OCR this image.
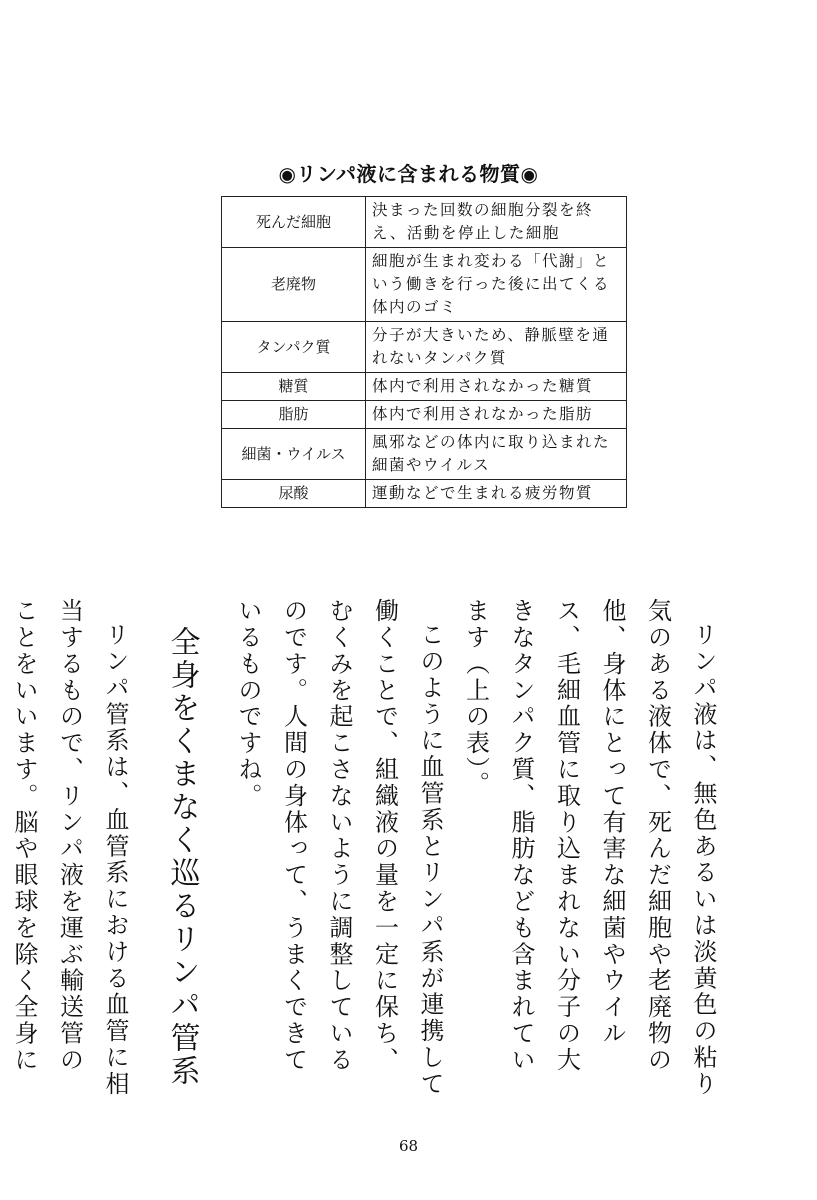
◉リンパ液に含まれる物質◉
死んだ細胞	決まった回数の細胞分裂を終え、活動を停止した細胞
老廃物	細胞が生まれ変わる「代謝」という働きを行った後に出てくる体内のゴミ
タンパク質	分子が大きいため、静脈壁を通れないタンパク質
糖質	体内で利用されなかった糖質
脂肪	体内で利用されなかった脂肪
細菌・ウイルス	風邪などの体内に取り込まれた細菌やウイルス
尿酸	運動などで生まれる疲労物質

リンパ液は、無色あるいは淡黄色の粘り気のある液体で、死んだ細胞や老廃物の他、身体にとって有害な細菌やウイルス、毛細血管に取り込まれない分子の大きなタンパク質、脂肪なども含まれています（上の表）。

このように血管系とリンパ系が連携して働くことで、組織液の量を一定に保ち、むくみを起こさないように調整しているのです。人間の身体って、うまくできているものですね。

全身をくまなく巡るリンパ管系

リンパ管系は、血管系における血管に相当するもので、リンパ液を運ぶ輸送管のことをいいます。脳や眼球を除く全身に

68
